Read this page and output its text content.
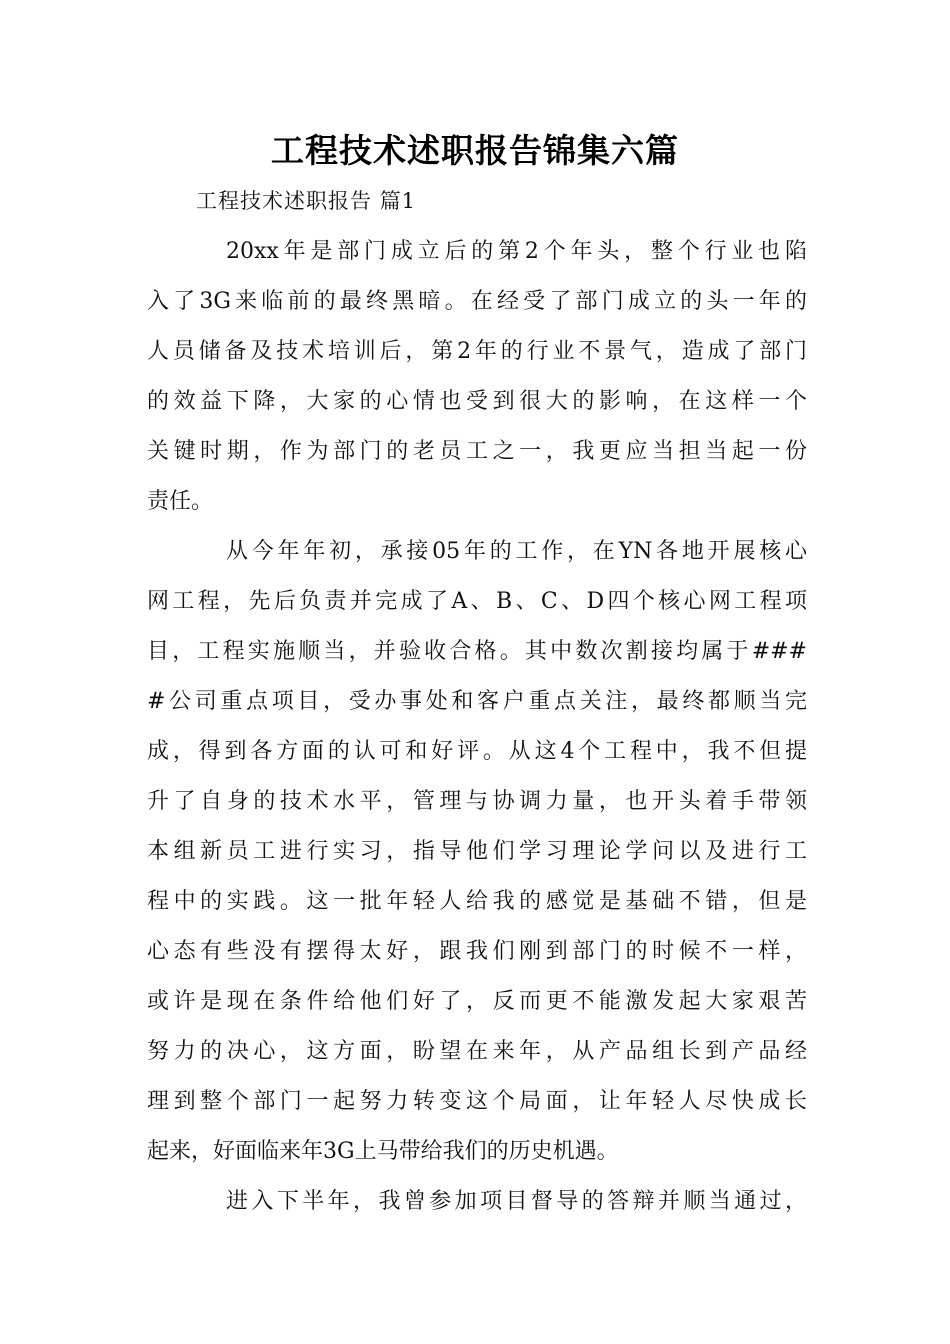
工程技术述职报告锦集六篇
工程技术述职报告 篇1
20xx年是部门成立后的第2个年头，整个行业也陷
入了3G来临前的最终黑暗。在经受了部门成立的头一年的
人员储备及技术培训后，第2年的行业不景气，造成了部门
的效益下降，大家的心情也受到很大的影响，在这样一个
关键时期，作为部门的老员工之一，我更应当担当起一份
责任。
从今年年初，承接05年的工作，在YN各地开展核心
网工程，先后负责并完成了A、B、C、D四个核心网工程项
目，工程实施顺当，并验收合格。其中数次割接均属于###
#公司重点项目，受办事处和客户重点关注，最终都顺当完
成，得到各方面的认可和好评。从这4个工程中，我不但提
升了自身的技术水平，管理与协调力量，也开头着手带领
本组新员工进行实习，指导他们学习理论学问以及进行工
程中的实践。这一批年轻人给我的感觉是基础不错，但是
心态有些没有摆得太好，跟我们刚到部门的时候不一样，
或许是现在条件给他们好了，反而更不能激发起大家艰苦
努力的决心，这方面，盼望在来年，从产品组长到产品经
理到整个部门一起努力转变这个局面，让年轻人尽快成长
起来，好面临来年3G上马带给我们的历史机遇。
进入下半年，我曾参加项目督导的答辩并顺当通过，
